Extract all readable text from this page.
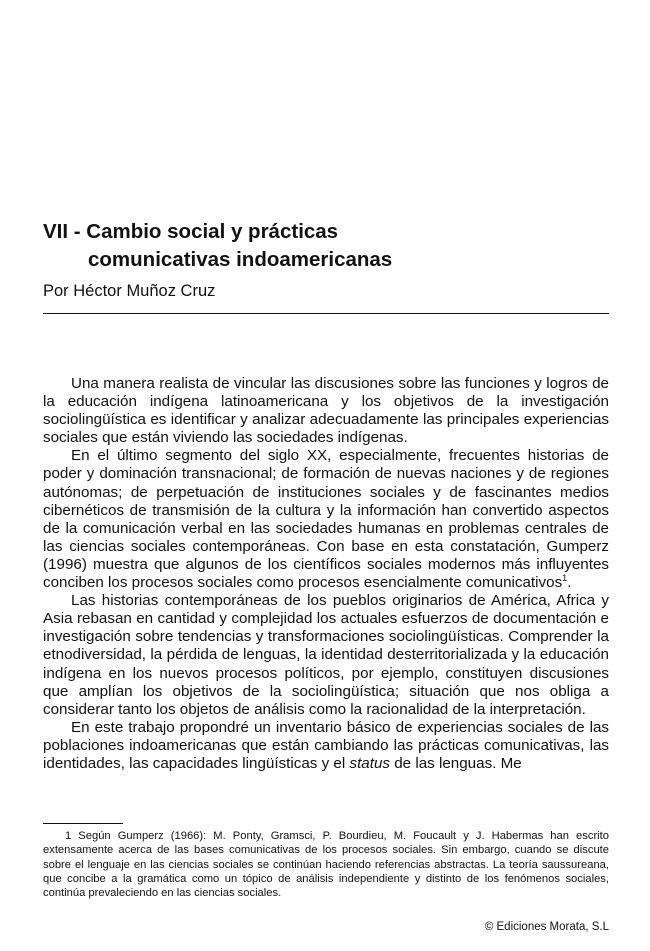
VII - Cambio social y prácticas
comunicativas indoamericanas

Por Héctor Muñoz Cruz

Una manera realista de vincular las discusiones sobre las funciones y logros de la educación indígena latinoamericana y los objetivos de la investigación sociolingüística es identificar y analizar adecuadamente las principales experiencias sociales que están viviendo las sociedades indígenas.

En el último segmento del siglo XX, especialmente, frecuentes historias de poder y dominación transnacional; de formación de nuevas naciones y de regiones autónomas; de perpetuación de instituciones sociales y de fascinantes medios cibernéticos de transmisión de la cultura y la información han convertido aspectos de la comunicación verbal en las sociedades humanas en problemas centrales de las ciencias sociales contemporáneas. Con base en esta constatación, Gumperz (1996) muestra que algunos de los científicos sociales modernos más influyentes conciben los procesos sociales como procesos esencialmente comunicativos$^1$.

Las historias contemporáneas de los pueblos originarios de América, Africa y Asia rebasan en cantidad y complejidad los actuales esfuerzos de documentación e investigación sobre tendencias y transformaciones sociolingüísticas. Comprender la etnodiversidad, la pérdida de lenguas, la identidad desterritorializada y la educación indígena en los nuevos procesos políticos, por ejemplo, constituyen discusiones que amplían los objetivos de la sociolingüística; situación que nos obliga a considerar tanto los objetos de análisis como la racionalidad de la interpretación.

En este trabajo propondré un inventario básico de experiencias sociales de las poblaciones indoamericanas que están cambiando las prácticas comunicativas, las identidades, las capacidades lingüísticas y el status de las lenguas. Me

1 Según Gumperz (1966): M. Ponty, Gramsci, P. Bourdieu, M. Foucault y J. Habermas han escrito extensamente acerca de las bases comunicativas de los procesos sociales. Sin embargo, cuando se discute sobre el lenguaje en las ciencias sociales se continúan haciendo referencias abstractas. La teoría saussureana, que concibe a la gramática como un tópico de análisis independiente y distinto de los fenómenos sociales, continúa prevaleciendo en las ciencias sociales.

© Ediciones Morata, S.L
